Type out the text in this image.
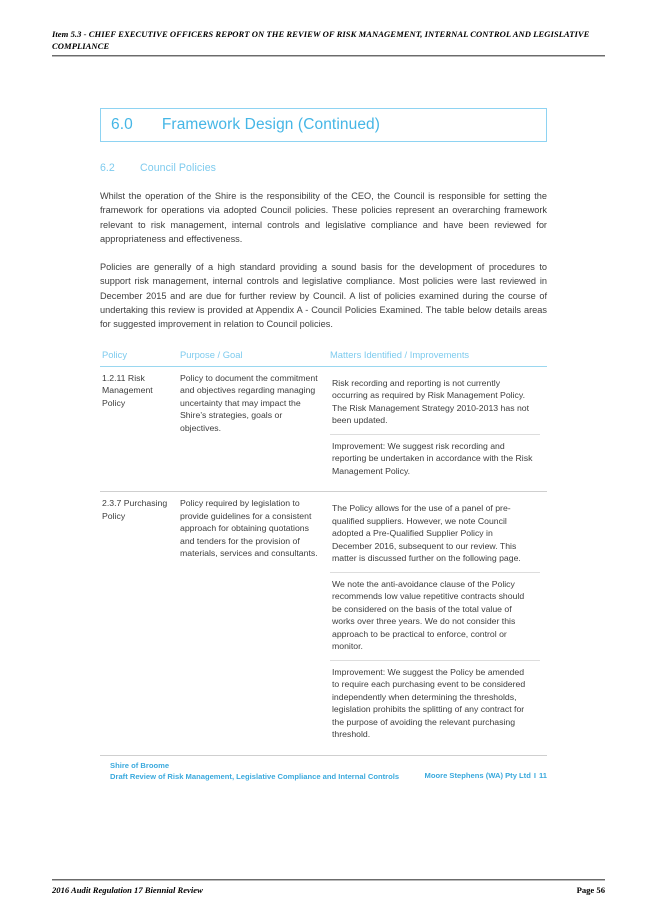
Item 5.3 - CHIEF EXECUTIVE OFFICERS REPORT ON THE REVIEW OF RISK MANAGEMENT, INTERNAL CONTROL AND LEGISLATIVE COMPLIANCE
6.0 Framework Design (Continued)
6.2	Council Policies

Whilst the operation of the Shire is the responsibility of the CEO, the Council is responsible for setting the framework for operations via adopted Council policies. These policies represent an overarching framework relevant to risk management, internal controls and legislative compliance and have been reviewed for appropriateness and effectiveness.

Policies are generally of a high standard providing a sound basis for the development of procedures to support risk management, internal controls and legislative compliance. Most policies were last reviewed in December 2015 and are due for further review by Council. A list of policies examined during the course of undertaking this review is provided at Appendix A - Council Policies Examined. The table below details areas for suggested improvement in relation to Council policies.

Policy	Purpose / Goal	Matters Identified / Improvements
1.2.11 Risk Management Policy	Policy to document the commitment and objectives regarding managing uncertainty that may impact the Shire’s strategies, goals or objectives.	Risk recording and reporting is not currently occurring as required by Risk Management Policy. The Risk Management Strategy 2010-2013 has not been updated.
Improvement: We suggest risk recording and reporting be undertaken in accordance with the Risk Management Policy.

2.3.7 Purchasing Policy	Policy required by legislation to provide guidelines for a consistent approach for obtaining quotations and tenders for the provision of materials, services and consultants.	The Policy allows for the use of a panel of pre-qualified suppliers. However, we note Council adopted a Pre-Qualified Supplier Policy in December 2016, subsequent to our review. This matter is discussed further on the following page.
We note the anti-avoidance clause of the Policy recommends low value repetitive contracts should be considered on the basis of the total value of works over three years. We do not consider this approach to be practical to enforce, control or monitor.
Improvement: We suggest the Policy be amended to require each purchasing event to be considered independently when determining the thresholds, legislation prohibits the splitting of any contract for the purpose of avoiding the relevant purchasing threshold.

Shire of Broome
Draft Review of Risk Management, Legislative Compliance and Internal Controls	Moore Stephens (WA) Pty Ltd I 11
2016 Audit Regulation 17 Biennial Review	Page 56
